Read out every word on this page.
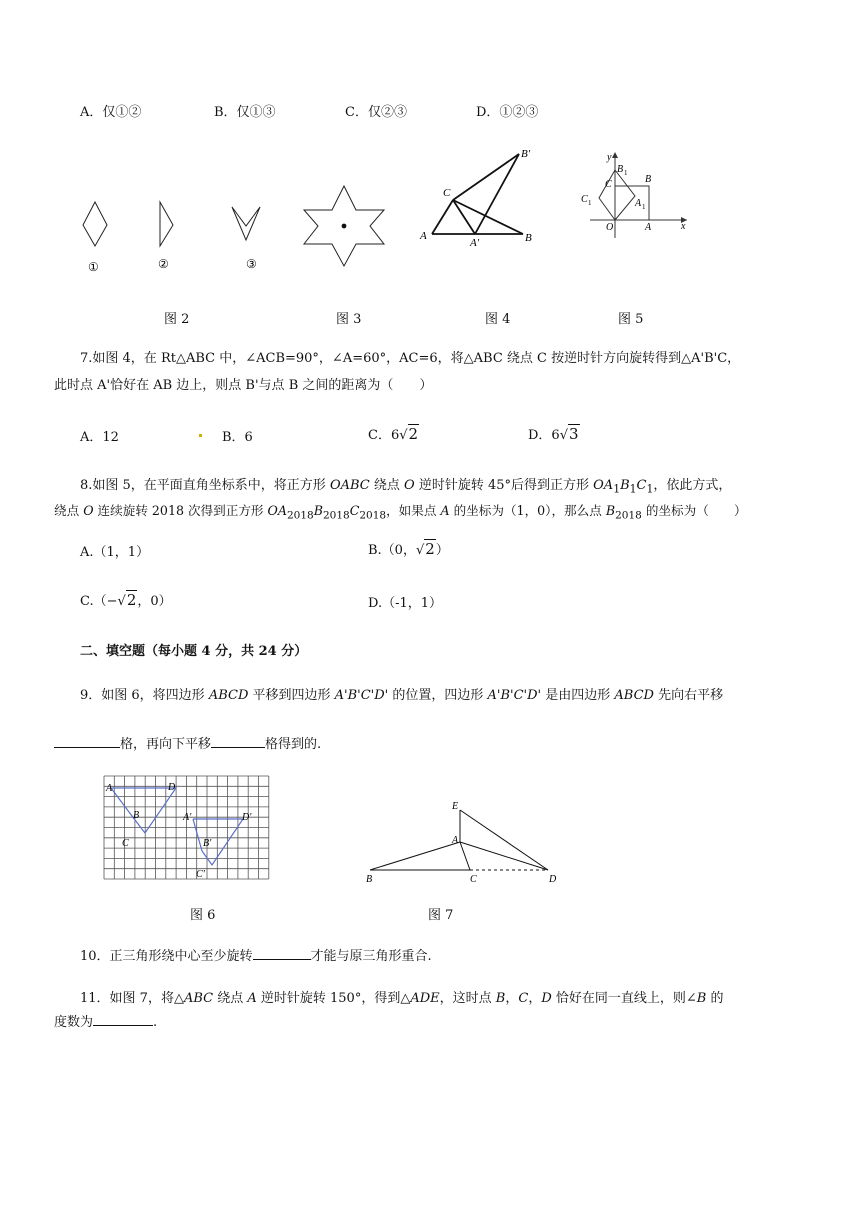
A．仅①②	B．仅①③	C．仅②③	D．①②③
①	②	③
A	B
C
A'
B'	y
x
O	A
B
C
B 1
A 1
C 1
图 2	图 3	图 4	图 5
7.如图 4，在 Rt△ABC 中，∠ACB=90°，∠A=60°，AC=6，将△ABC 绕点 C 按逆时针方向旋转得到△A'B'C，
此时点 A'恰好在 AB 边上，则点 B'与点 B 之间的距离为（　　）
A．12	B．6	C．6√2	D．6√3
8.如图 5，在平面直角坐标系中，将正方形 OABC 绕点 O 逆时针旋转 45°后得到正方形 $OA_1B_1C_1$，依此方式，
绕点 O 连续旋转 2018 次得到正方形 $OA_{2018}B_{2018}C_{2018}$，如果点 A 的坐标为（1，0），那么点 $B_{2018}$ 的坐标为（　　）
A.（1，1）	B.（0，√2）
C.（−√2，0）	D.（-1，1）
二、填空题（每小题 4 分，共 24 分）
9．如图 6，将四边形 ABCD 平移到四边形 A'B'C'D' 的位置，四边形 A'B'C'D' 是由四边形 ABCD 先向右平移
格，再向下平移	格得到的.
A	D
B
C
A'	D'
B'
C'
E
A
B	C	D
图 6	图 7
10．正三角形绕中心至少旋转	才能与原三角形重合.
11．如图 7，将△ABC 绕点 A 逆时针旋转 150°，得到△ADE，这时点 B，C，D 恰好在同一直线上，则∠B 的
度数为	.
